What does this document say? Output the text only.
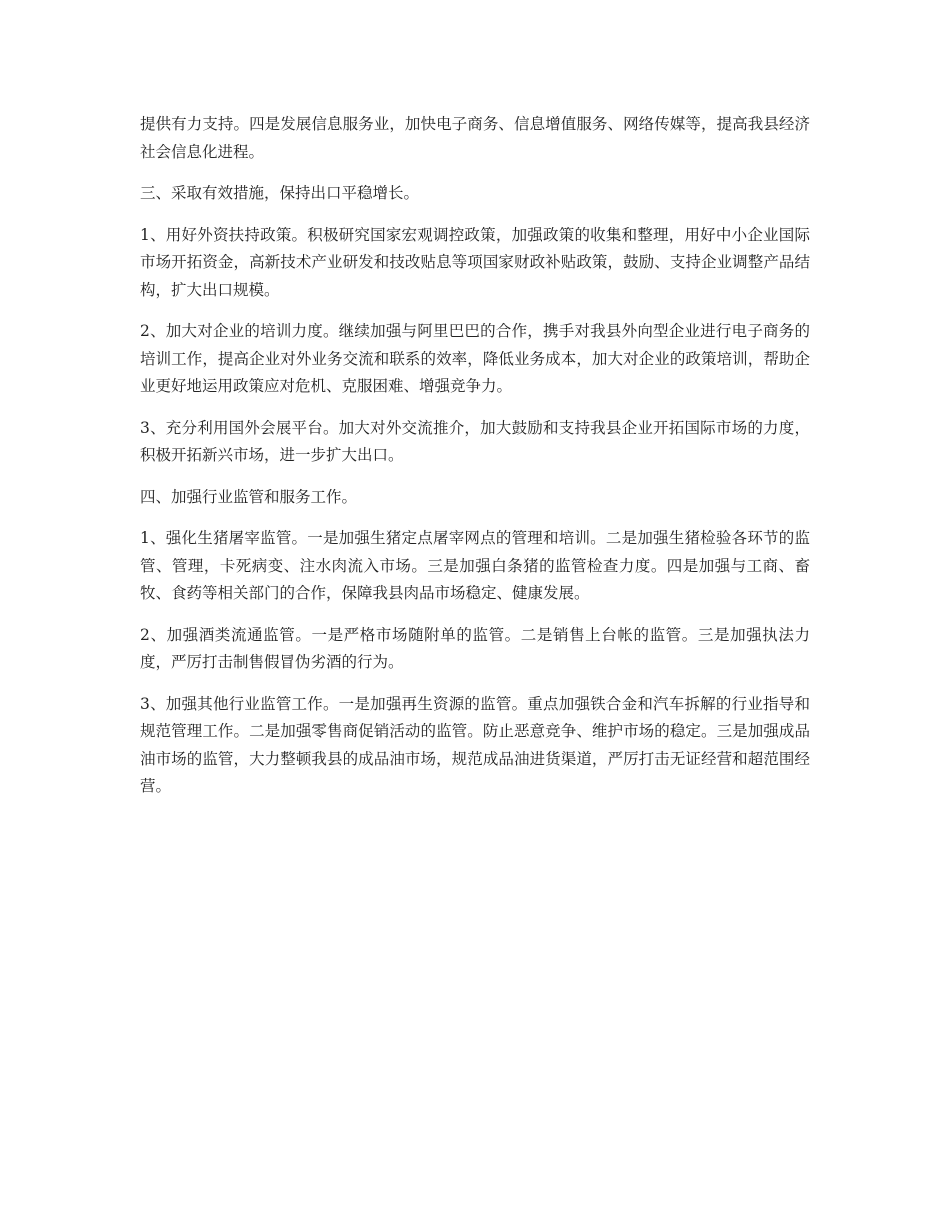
提供有力支持。四是发展信息服务业，加快电子商务、信息增值服务、网络传媒等，提高我县经济社会信息化进程。

三、采取有效措施，保持出口平稳增长。

1、用好外资扶持政策。积极研究国家宏观调控政策，加强政策的收集和整理，用好中小企业国际市场开拓资金，高新技术产业研发和技改贴息等项国家财政补贴政策，鼓励、支持企业调整产品结构，扩大出口规模。

2、加大对企业的培训力度。继续加强与阿里巴巴的合作，携手对我县外向型企业进行电子商务的培训工作，提高企业对外业务交流和联系的效率，降低业务成本，加大对企业的政策培训，帮助企业更好地运用政策应对危机、克服困难、增强竞争力。

3、充分利用国外会展平台。加大对外交流推介，加大鼓励和支持我县企业开拓国际市场的力度，积极开拓新兴市场，进一步扩大出口。

四、加强行业监管和服务工作。

1、强化生猪屠宰监管。一是加强生猪定点屠宰网点的管理和培训。二是加强生猪检验各环节的监管、管理，卡死病变、注水肉流入市场。三是加强白条猪的监管检查力度。四是加强与工商、畜牧、食药等相关部门的合作，保障我县肉品市场稳定、健康发展。

2、加强酒类流通监管。一是严格市场随附单的监管。二是销售上台帐的监管。三是加强执法力度，严厉打击制售假冒伪劣酒的行为。

3、加强其他行业监管工作。一是加强再生资源的监管。重点加强铁合金和汽车拆解的行业指导和规范管理工作。二是加强零售商促销活动的监管。防止恶意竞争、维护市场的稳定。三是加强成品油市场的监管，大力整顿我县的成品油市场，规范成品油进货渠道，严厉打击无证经营和超范围经营。
